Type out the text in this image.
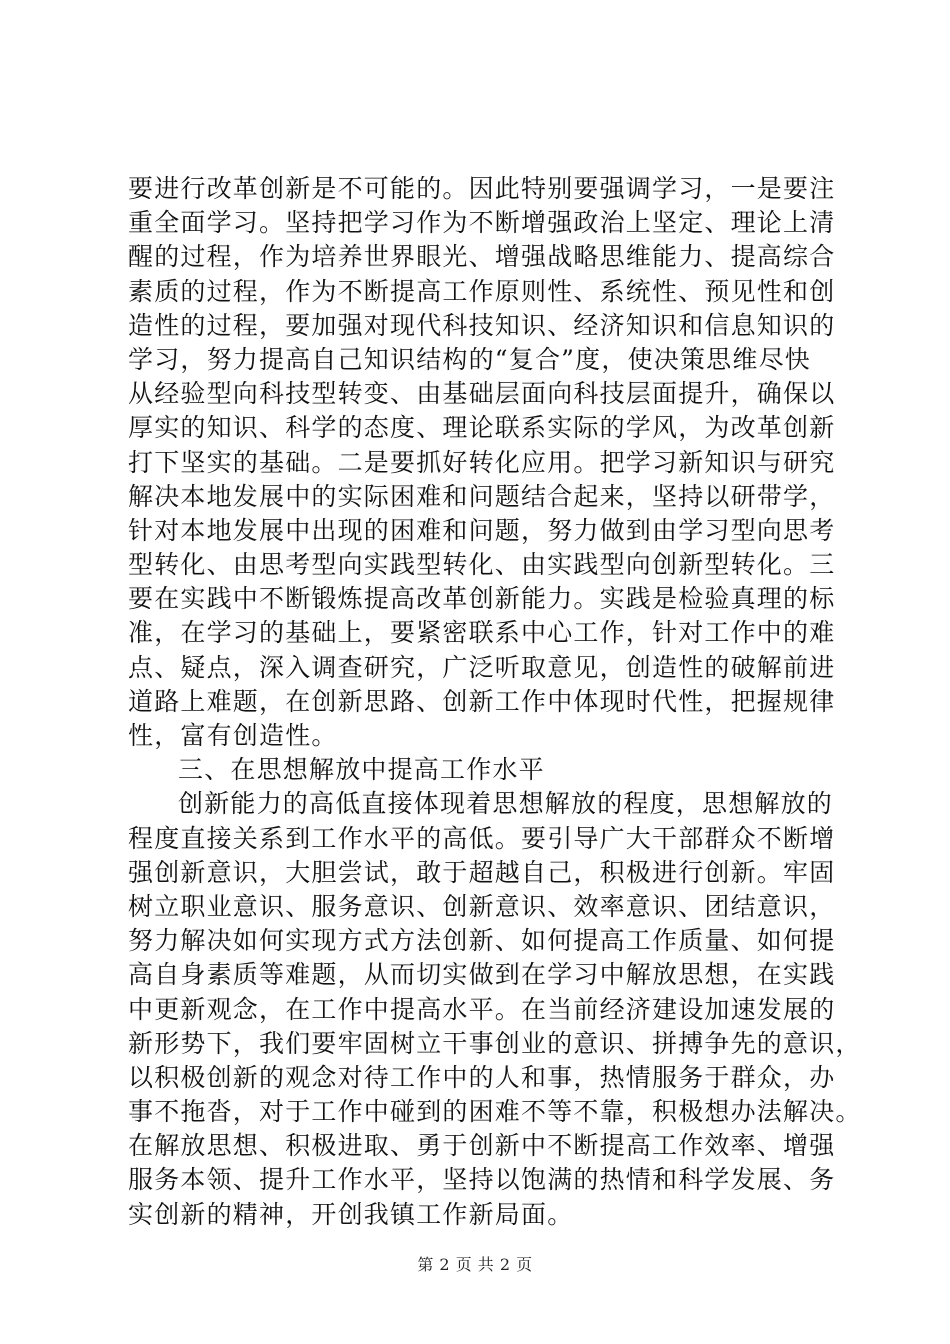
要进行改革创新是不可能的。因此特别要强调学习，一是要注
重全面学习。坚持把学习作为不断增强政治上坚定、理论上清
醒的过程，作为培养世界眼光、增强战略思维能力、提高综合
素质的过程，作为不断提高工作原则性、系统性、预见性和创
造性的过程，要加强对现代科技知识、经济知识和信息知识的
学习，努力提高自己知识结构的“复合”度，使决策思维尽快
从经验型向科技型转变、由基础层面向科技层面提升，确保以
厚实的知识、科学的态度、理论联系实际的学风，为改革创新
打下坚实的基础。二是要抓好转化应用。把学习新知识与研究
解决本地发展中的实际困难和问题结合起来，坚持以研带学，
针对本地发展中出现的困难和问题，努力做到由学习型向思考
型转化、由思考型向实践型转化、由实践型向创新型转化。三
要在实践中不断锻炼提高改革创新能力。实践是检验真理的标
准，在学习的基础上，要紧密联系中心工作，针对工作中的难
点、疑点，深入调查研究，广泛听取意见，创造性的破解前进
道路上难题，在创新思路、创新工作中体现时代性，把握规律
性，富有创造性。
三、在思想解放中提高工作水平
创新能力的高低直接体现着思想解放的程度，思想解放的
程度直接关系到工作水平的高低。要引导广大干部群众不断增
强创新意识，大胆尝试，敢于超越自己，积极进行创新。牢固
树立职业意识、服务意识、创新意识、效率意识、团结意识，
努力解决如何实现方式方法创新、如何提高工作质量、如何提
高自身素质等难题，从而切实做到在学习中解放思想，在实践
中更新观念，在工作中提高水平。在当前经济建设加速发展的
新形势下，我们要牢固树立干事创业的意识、拼搏争先的意识，
以积极创新的观念对待工作中的人和事，热情服务于群众，办
事不拖沓，对于工作中碰到的困难不等不靠，积极想办法解决。
在解放思想、积极进取、勇于创新中不断提高工作效率、增强
服务本领、提升工作水平，坚持以饱满的热情和科学发展、务
实创新的精神，开创我镇工作新局面。
第 2 页 共 2 页
